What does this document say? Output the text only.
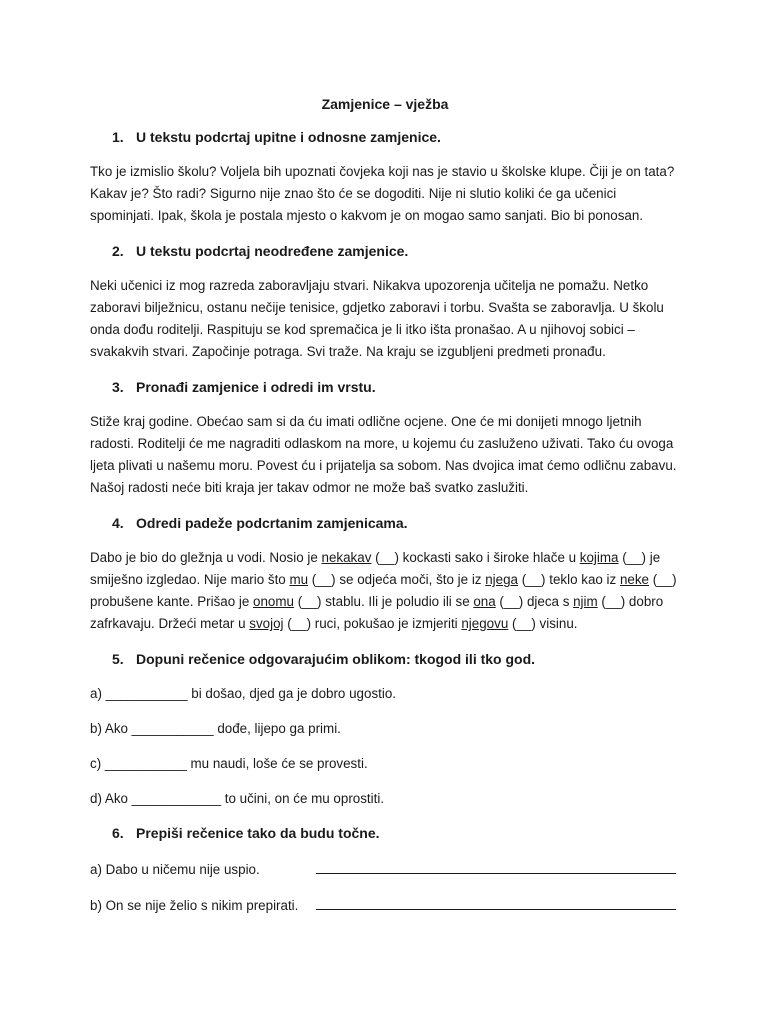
Zamjenice – vježba
1. U tekstu podcrtaj upitne i odnosne zamjenice.

Tko je izmislio školu? Voljela bih upoznati čovjeka koji nas je stavio u školske klupe. Čiji je on tata? Kakav je? Što radi? Sigurno nije znao što će se dogoditi. Nije ni slutio koliki će ga učenici spominjati. Ipak, škola je postala mjesto o kakvom je on mogao samo sanjati. Bio bi ponosan.

2. U tekstu podcrtaj neodređene zamjenice.

Neki učenici iz mog razreda zaboravljaju stvari. Nikakva upozorenja učitelja ne pomažu. Netko zaboravi bilježnicu, ostanu nečije tenisice, gdjetko zaboravi i torbu. Svašta se zaboravlja. U školu onda dođu roditelji. Raspituju se kod spremačica je li itko išta pronašao. A u njihovoj sobici – svakakvih stvari. Započinje potraga. Svi traže. Na kraju se izgubljeni predmeti pronađu.

3. Pronađi zamjenice i odredi im vrstu.

Stiže kraj godine. Obećao sam si da ću imati odlične ocjene. One će mi donijeti mnogo ljetnih radosti. Roditelji će me nagraditi odlaskom na more, u kojemu ću zasluženo uživati. Tako ću ovoga ljeta plivati u našemu moru. Povest ću i prijatelja sa sobom. Nas dvojica imat ćemo odličnu zabavu. Našoj radosti neće biti kraja jer takav odmor ne može baš svatko zaslužiti.

4. Odredi padeže podcrtanim zamjenicama.

Dabo je bio do gležnja u vodi. Nosio je nekakav (__) kockasti sako i široke hlače u kojima (__) je smiješno izgledao. Nije mario što mu (__) se odjeća moči, što je iz njega (__) teklo kao iz neke (__) probušene kante. Prišao je onomu (__) stablu. Ili je poludio ili se ona (__) djeca s njim (__) dobro zafrkavaju. Držeći metar u svojoj (__) ruci, pokušao je izmjeriti njegovu (__) visinu.

5. Dopuni rečenice odgovarajućim oblikom: tkogod ili tko god.
a) ___________ bi došao, djed ga je dobro ugostio.
b) Ako ___________ dođe, lijepo ga primi.
c) ___________ mu naudi, loše će se provesti.
d) Ako ____________ to učini, on će mu oprostiti.
6. Prepiši rečenice tako da budu točne.
a) Dabo u ničemu nije uspio.
b) On se nije želio s nikim prepirati.
